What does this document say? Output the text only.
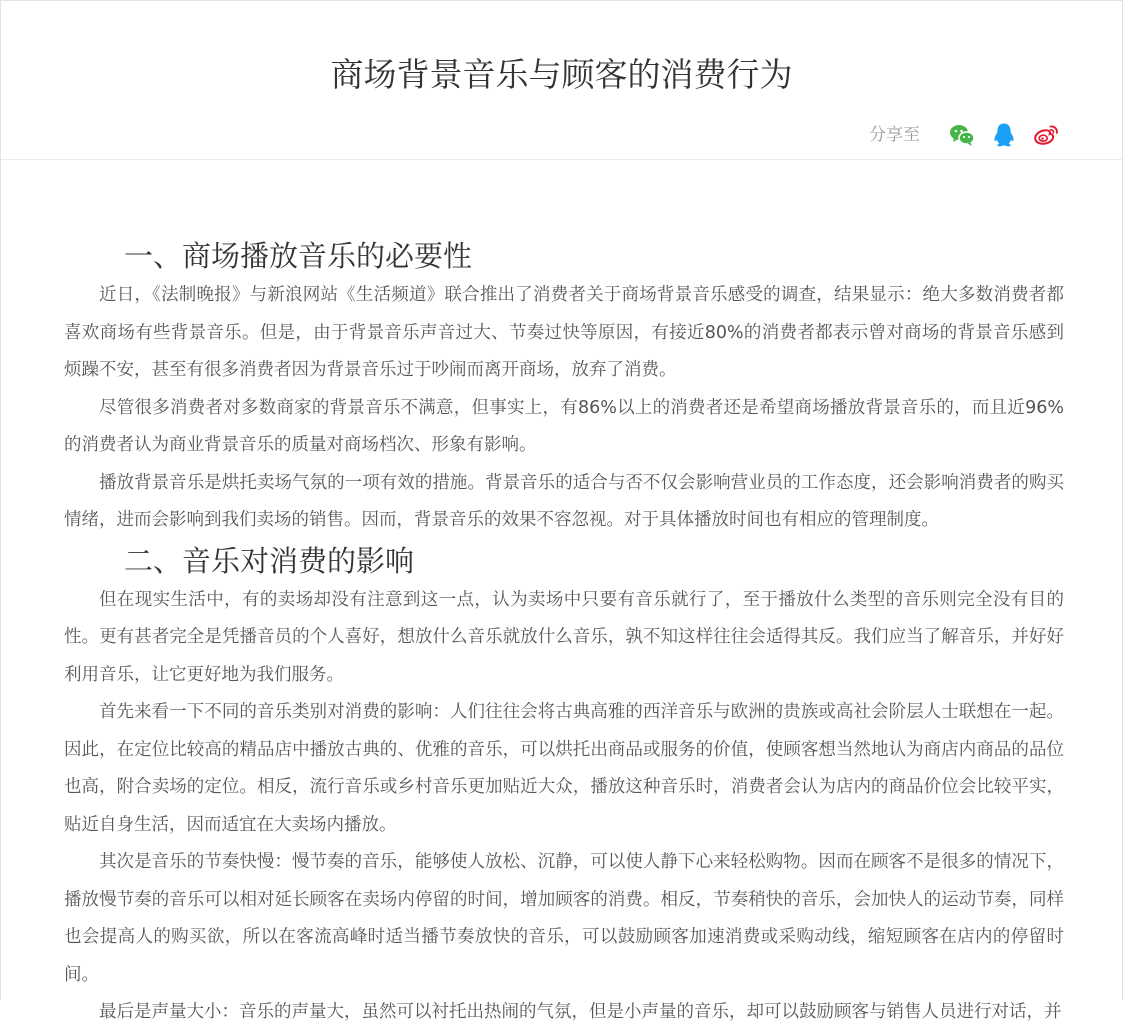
商场背景音乐与顾客的消费行为
分享至
一、商场播放音乐的必要性

近日，《法制晚报》与新浪网站《生活频道》联合推出了消费者关于商场背景音乐感受的调查，结果显示：绝大多数消费者都喜欢商场有些背景音乐。但是，由于背景音乐声音过大、节奏过快等原因，有接近80%的消费者都表示曾对商场的背景音乐感到烦躁不安，甚至有很多消费者因为背景音乐过于吵闹而离开商场，放弃了消费。

尽管很多消费者对多数商家的背景音乐不满意，但事实上，有86%以上的消费者还是希望商场播放背景音乐的，而且近96%的消费者认为商业背景音乐的质量对商场档次、形象有影响。

播放背景音乐是烘托卖场气氛的一项有效的措施。背景音乐的适合与否不仅会影响营业员的工作态度，还会影响消费者的购买情绪，进而会影响到我们卖场的销售。因而，背景音乐的效果不容忽视。对于具体播放时间也有相应的管理制度。

二、音乐对消费的影响

但在现实生活中，有的卖场却没有注意到这一点，认为卖场中只要有音乐就行了，至于播放什么类型的音乐则完全没有目的性。更有甚者完全是凭播音员的个人喜好，想放什么音乐就放什么音乐，孰不知这样往往会适得其反。我们应当了解音乐，并好好利用音乐，让它更好地为我们服务。

首先来看一下不同的音乐类别对消费的影响：人们往往会将古典高雅的西洋音乐与欧洲的贵族或高社会阶层人士联想在一起。因此，在定位比较高的精品店中播放古典的、优雅的音乐，可以烘托出商品或服务的价值，使顾客想当然地认为商店内商品的品位也高，附合卖场的定位。相反，流行音乐或乡村音乐更加贴近大众，播放这种音乐时，消费者会认为店内的商品价位会比较平实，贴近自身生活，因而适宜在大卖场内播放。

其次是音乐的节奏快慢：慢节奏的音乐，能够使人放松、沉静，可以使人静下心来轻松购物。因而在顾客不是很多的情况下，播放慢节奏的音乐可以相对延长顾客在卖场内停留的时间，增加顾客的消费。相反，节奏稍快的音乐，会加快人的运动节奏，同样也会提高人的购买欲，所以在客流高峰时适当播节奏放快的音乐，可以鼓励顾客加速消费或采购动线，缩短顾客在店内的停留时间。

最后是声量大小：音乐的声量大，虽然可以衬托出热闹的气氛，但是小声量的音乐，却可以鼓励顾客与销售人员进行对话，并
